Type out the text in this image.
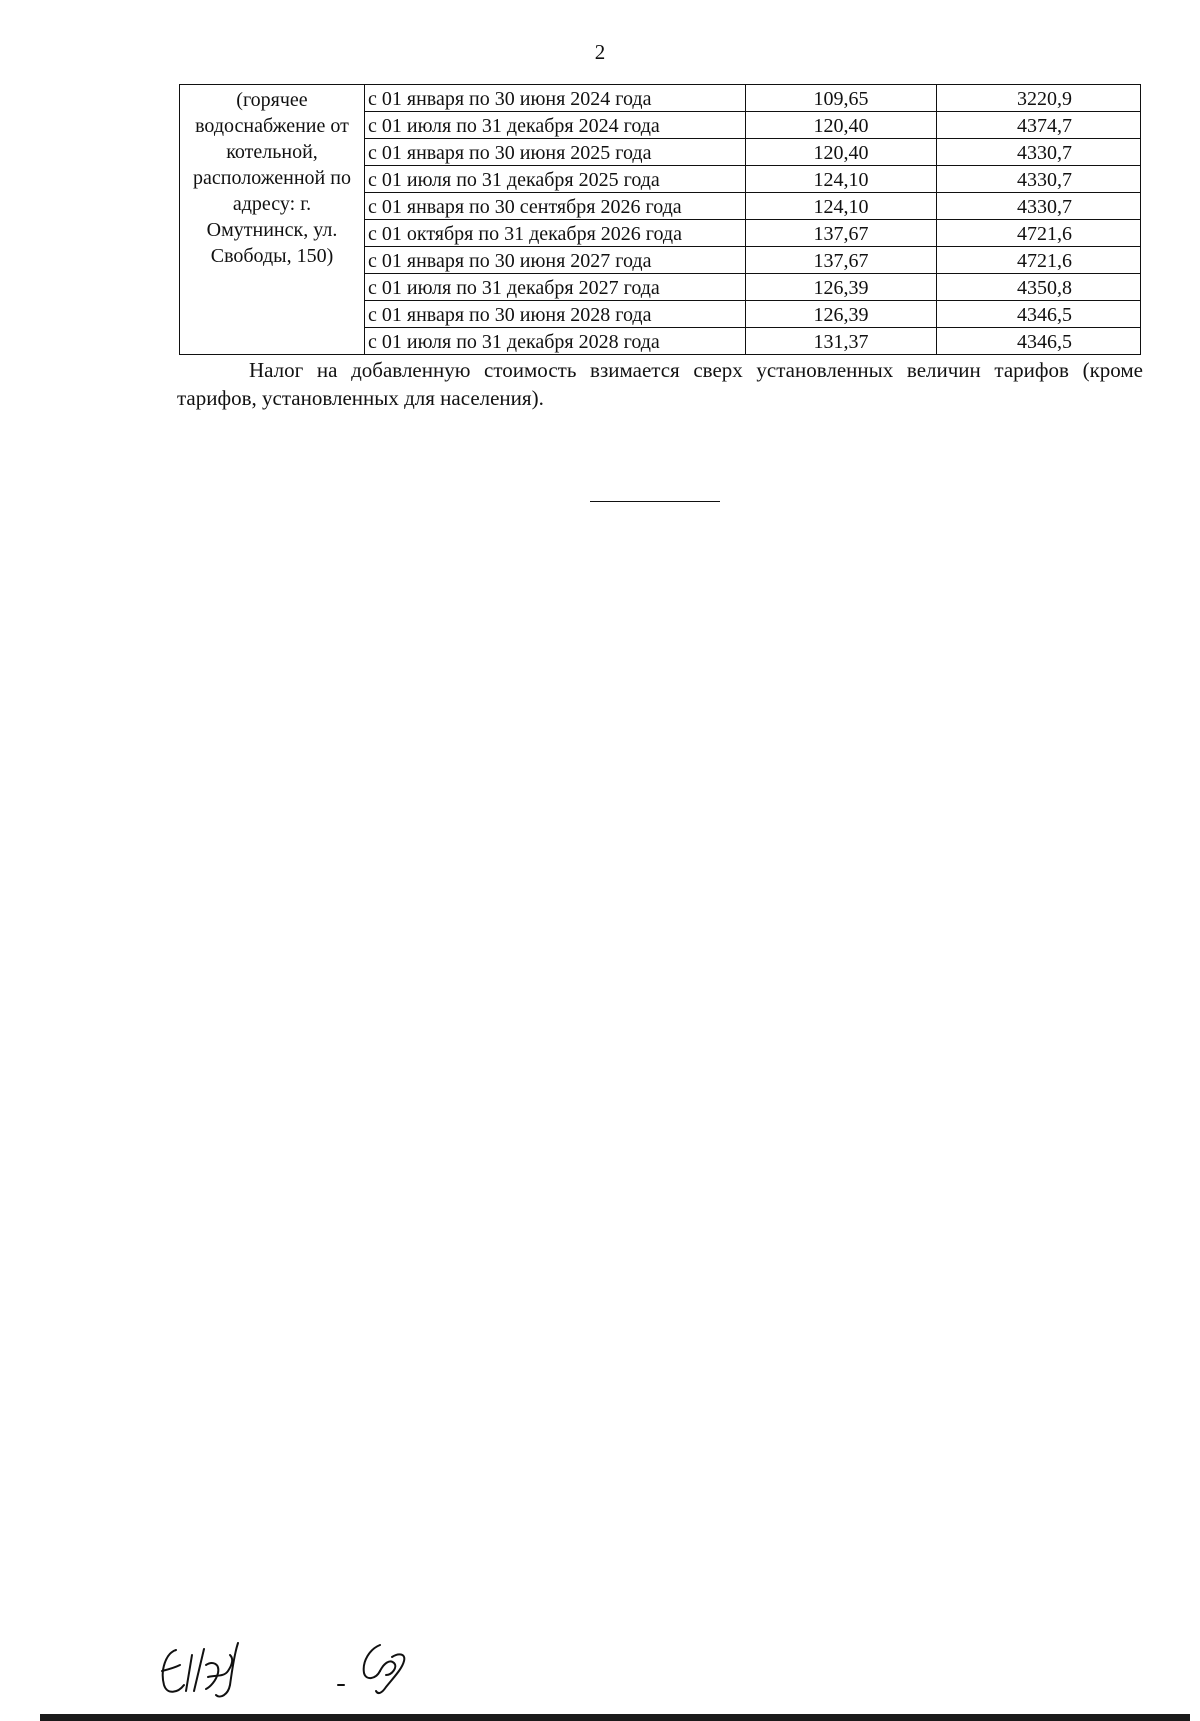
2
(горячее водоснабжение от котельной, расположенной по адресу: г. Омутнинск, ул. Свободы, 150)	с 01 января по 30 июня 2024 года	109,65	3220,9
	с 01 июля по 31 декабря 2024 года	120,40	4374,7
	с 01 января по 30 июня 2025 года	120,40	4330,7
	с 01 июля по 31 декабря 2025 года	124,10	4330,7
	с 01 января по 30 сентября 2026 года	124,10	4330,7
	с 01 октября по 31 декабря 2026 года	137,67	4721,6
	с 01 января по 30 июня 2027 года	137,67	4721,6
	с 01 июля по 31 декабря 2027 года	126,39	4350,8
	с 01 января по 30 июня 2028 года	126,39	4346,5
	с 01 июля по 31 декабря 2028 года	131,37	4346,5

Налог на добавленную стоимость взимается сверх установленных величин тарифов (кроме тарифов, установленных для населения).
